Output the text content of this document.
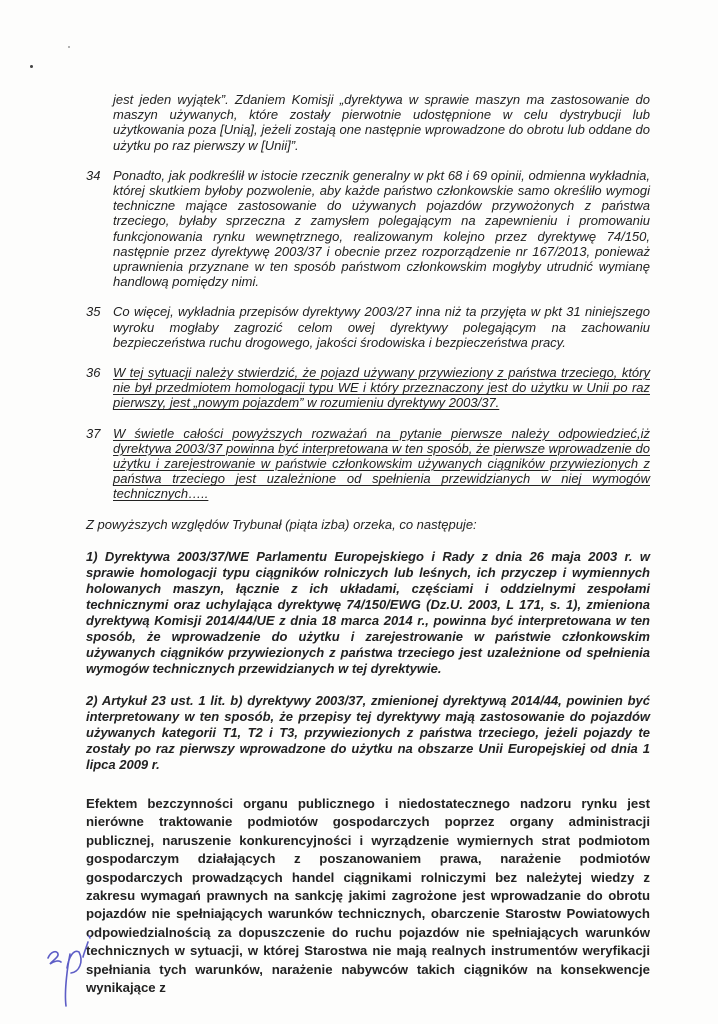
jest jeden wyjątek”. Zdaniem Komisji „dyrektywa w sprawie maszyn ma zastosowanie do maszyn używanych, które zostały pierwotnie udostępnione w celu dystrybucji lub użytkowania poza [Unią], jeżeli zostają one następnie wprowadzone do obrotu lub oddane do użytku po raz pierwszy w [Unii]”.

34 Ponadto, jak podkreślił w istocie rzecznik generalny w pkt 68 i 69 opinii, odmienna wykładnia, której skutkiem byłoby pozwolenie, aby każde państwo członkowskie samo określiło wymogi techniczne mające zastosowanie do używanych pojazdów przywożonych z państwa trzeciego, byłaby sprzeczna z zamysłem polegającym na zapewnieniu i promowaniu funkcjonowania rynku wewnętrznego, realizowanym kolejno przez dyrektywę 74/150, następnie przez dyrektywę 2003/37 i obecnie przez rozporządzenie nr 167/2013, ponieważ uprawnienia przyznane w ten sposób państwom członkowskim mogłyby utrudnić wymianę handlową pomiędzy nimi.
35 Co więcej, wykładnia przepisów dyrektywy 2003/27 inna niż ta przyjęta w pkt 31 niniejszego wyroku mogłaby zagrozić celom owej dyrektywy polegającym na zachowaniu bezpieczeństwa ruchu drogowego, jakości środowiska i bezpieczeństwa pracy.
36 W tej sytuacji należy stwierdzić, że pojazd używany przywieziony z państwa trzeciego, który nie był przedmiotem homologacji typu WE i który przeznaczony jest do użytku w Unii po raz pierwszy, jest „nowym pojazdem” w rozumieniu dyrektywy 2003/37.
37 W świetle całości powyższych rozważań na pytanie pierwsze należy odpowiedzieć,iż dyrektywa 2003/37 powinna być interpretowana w ten sposób, że pierwsze wprowadzenie do użytku i zarejestrowanie w państwie członkowskim używanych ciągników przywiezionych z państwa trzeciego jest uzależnione od spełnienia przewidzianych w niej wymogów technicznych…..

Z powyższych względów Trybunał (piąta izba) orzeka, co następuje:

1) Dyrektywa 2003/37/WE Parlamentu Europejskiego i Rady z dnia 26 maja 2003 r. w sprawie homologacji typu ciągników rolniczych lub leśnych, ich przyczep i wymiennych holowanych maszyn, łącznie z ich układami, częściami i oddzielnymi zespołami technicznymi oraz uchylająca dyrektywę 74/150/EWG (Dz.U. 2003, L 171, s. 1), zmieniona dyrektywą Komisji 2014/44/UE z dnia 18 marca 2014 r., powinna być interpretowana w ten sposób, że wprowadzenie do użytku i zarejestrowanie w państwie członkowskim używanych ciągników przywiezionych z państwa trzeciego jest uzależnione od spełnienia wymogów technicznych przewidzianych w tej dyrektywie.

2) Artykuł 23 ust. 1 lit. b) dyrektywy 2003/37, zmienionej dyrektywą 2014/44, powinien być interpretowany w ten sposób, że przepisy tej dyrektywy mają zastosowanie do pojazdów używanych kategorii T1, T2 i T3, przywiezionych z państwa trzeciego, jeżeli pojazdy te zostały po raz pierwszy wprowadzone do użytku na obszarze Unii Europejskiej od dnia 1 lipca 2009 r.

Efektem bezczynności organu publicznego i niedostatecznego nadzoru rynku jest nierówne traktowanie podmiotów gospodarczych poprzez organy administracji publicznej, naruszenie konkurencyjności i wyrządzenie wymiernych strat podmiotom gospodarczym działających z poszanowaniem prawa, narażenie podmiotów gospodarczych prowadzących handel ciągnikami rolniczymi bez należytej wiedzy z zakresu wymagań prawnych na sankcję jakimi zagrożone jest wprowadzanie do obrotu pojazdów nie spełniających warunków technicznych, obarczenie Starostw Powiatowych odpowiedzialnością za dopuszczenie do ruchu pojazdów nie spełniających warunków technicznych w sytuacji, w której Starostwa nie mają realnych instrumentów weryfikacji spełniania tych warunków, narażenie nabywców takich ciągników na konsekwencje wynikające z
